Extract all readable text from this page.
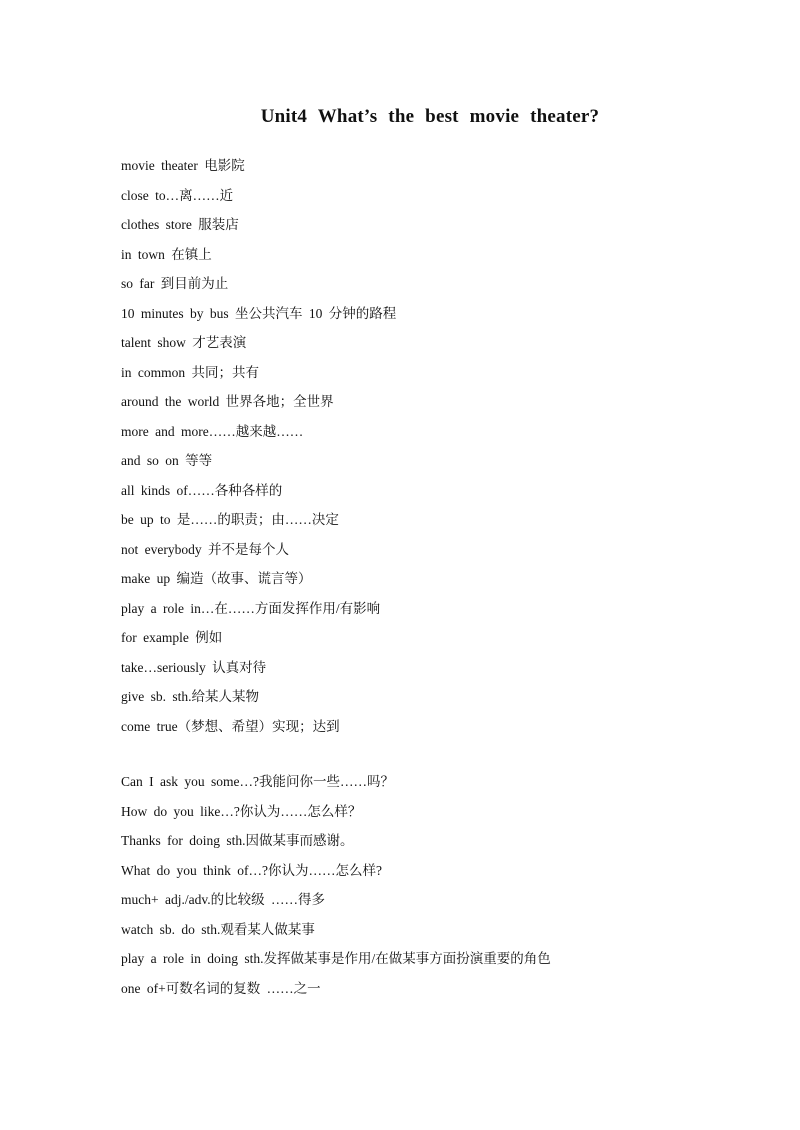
Unit4 What’s the best movie theater?
movie theater 电影院
close to…离……近
clothes store 服装店
in town 在镇上
so far 到目前为止
10 minutes by bus 坐公共汽车 10 分钟的路程
talent show 才艺表演
in common 共同；共有
around the world 世界各地；全世界
more and more……越来越……
and so on 等等
all kinds of……各种各样的
be up to 是……的职责；由……决定
not everybody 并不是每个人
make up 编造（故事、谎言等）
play a role in…在……方面发挥作用/有影响
for example 例如
take…seriously 认真对待
give sb. sth.给某人某物
come true（梦想、希望）实现；达到
Can I ask you some…?我能问你一些……吗？
How do you like…?你认为……怎么样？
Thanks for doing sth.因做某事而感谢。
What do you think of…?你认为……怎么样?
much+ adj./adv.的比较级 ……得多
watch sb. do sth.观看某人做某事
play a role in doing sth.发挥做某事是作用/在做某事方面扮演重要的角色
one of+可数名词的复数 ……之一
